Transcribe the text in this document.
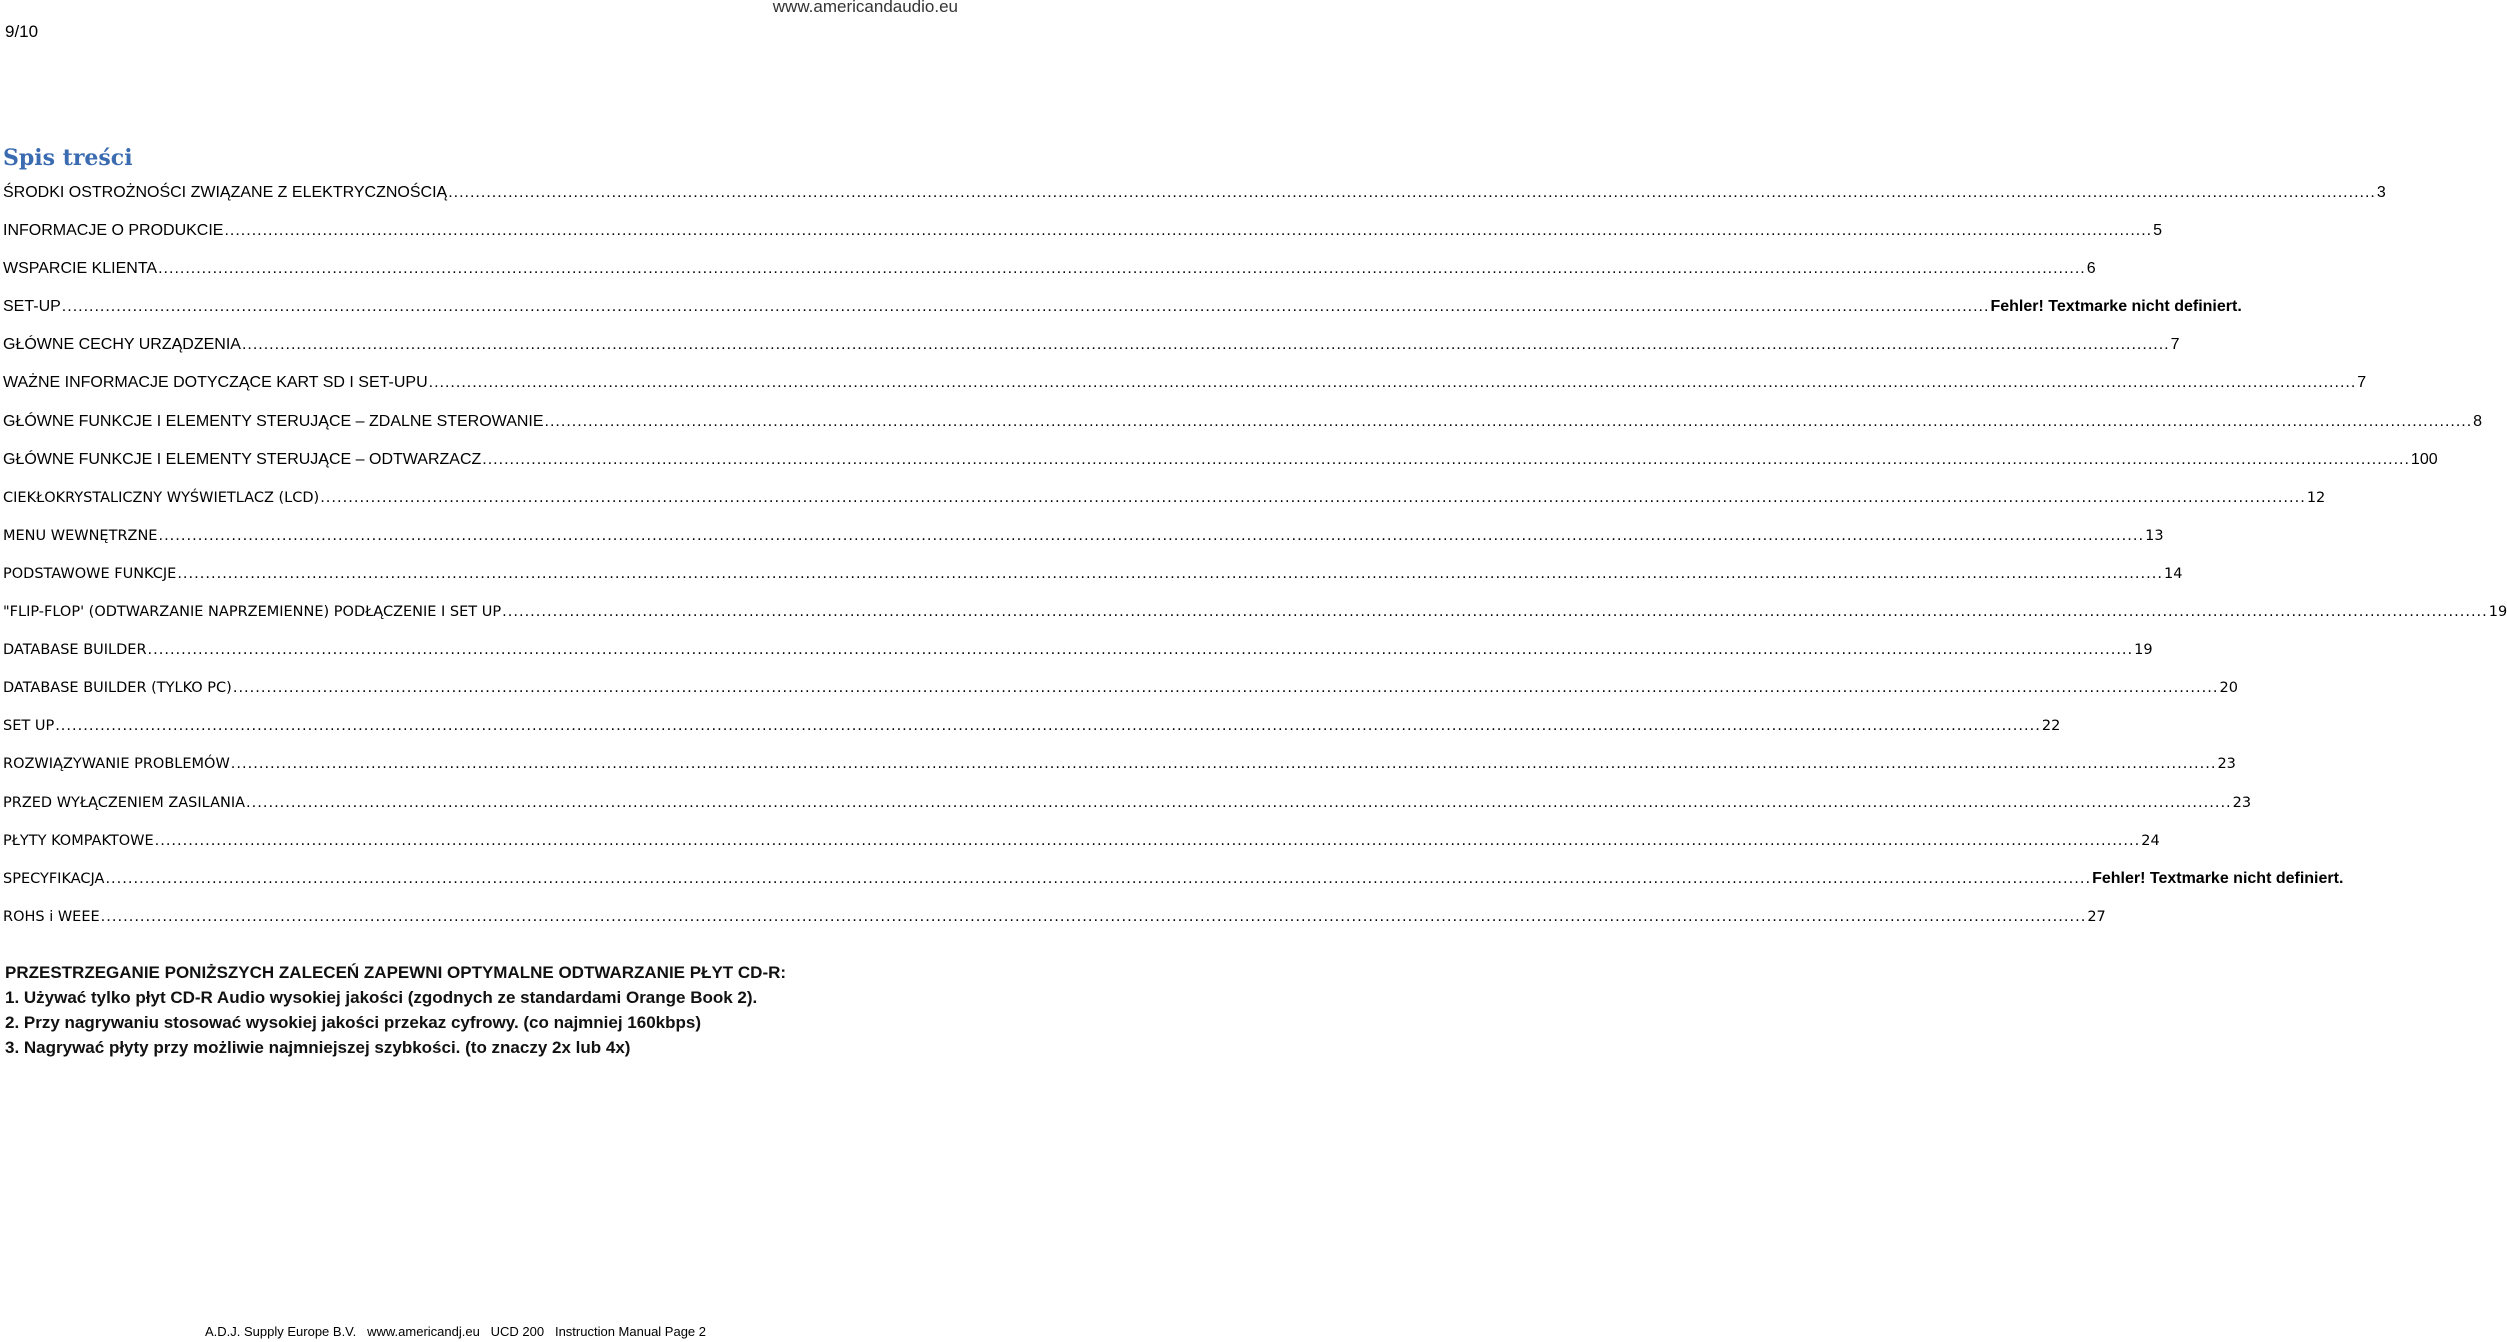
9/10
www.americandaudio.eu
Spis treści
ŚRODKI OSTROŻNOŚCI ZWIĄZANE Z ELEKTRYCZNOŚCIĄ .....	3
INFORMACJE O PRODUKCIE .....	5
WSPARCIE KLIENTA .....	6
SET-UP .....	Fehler! Textmarke nicht definiert.
GŁÓWNE CECHY URZĄDZENIA .....	7
WAŻNE INFORMACJE DOTYCZĄCE KART SD I SET-UPU .....	7
GŁÓWNE FUNKCJE I ELEMENTY STERUJĄCE – ZDALNE STEROWANIE .....	8
GŁÓWNE FUNKCJE I ELEMENTY STERUJĄCE – ODTWARZACZ .....	100
CIEKŁOKRYSTALICZNY WYŚWIETLACZ (LCD) .....	12
MENU WEWNĘTRZNE .....	13
PODSTAWOWE FUNKCJE .....	14
"FLIP-FLOP' (ODTWARZANIE NAPRZEMIENNE) PODŁĄCZENIE I SET UP .....	19
DATABASE BUILDER .....	19
DATABASE BUILDER (TYLKO PC) .....	20
SET UP .....	22
ROZWIĄZYWANIE PROBLEMÓW .....	23
PRZED WYŁĄCZENIEM ZASILANIA .....	23
PŁYTY KOMPAKTOWE .....	24
SPECYFIKACJA .....	Fehler! Textmarke nicht definiert.
ROHS i WEEE .....	27
PRZESTRZEGANIE PONIŻSZYCH ZALECEŃ ZAPEWNI OPTYMALNE ODTWARZANIE PŁYT CD-R:
1. Używać tylko płyt CD-R Audio wysokiej jakości (zgodnych ze standardami Orange Book 2).
2. Przy nagrywaniu stosować wysokiej jakości przekaz cyfrowy. (co najmniej 160kbps)
3. Nagrywać płyty przy możliwie najmniejszej szybkości. (to znaczy 2x lub 4x)
A.D.J. Supply Europe B.V.   www.americandj.eu   UCD 200   Instruction Manual Page 2
